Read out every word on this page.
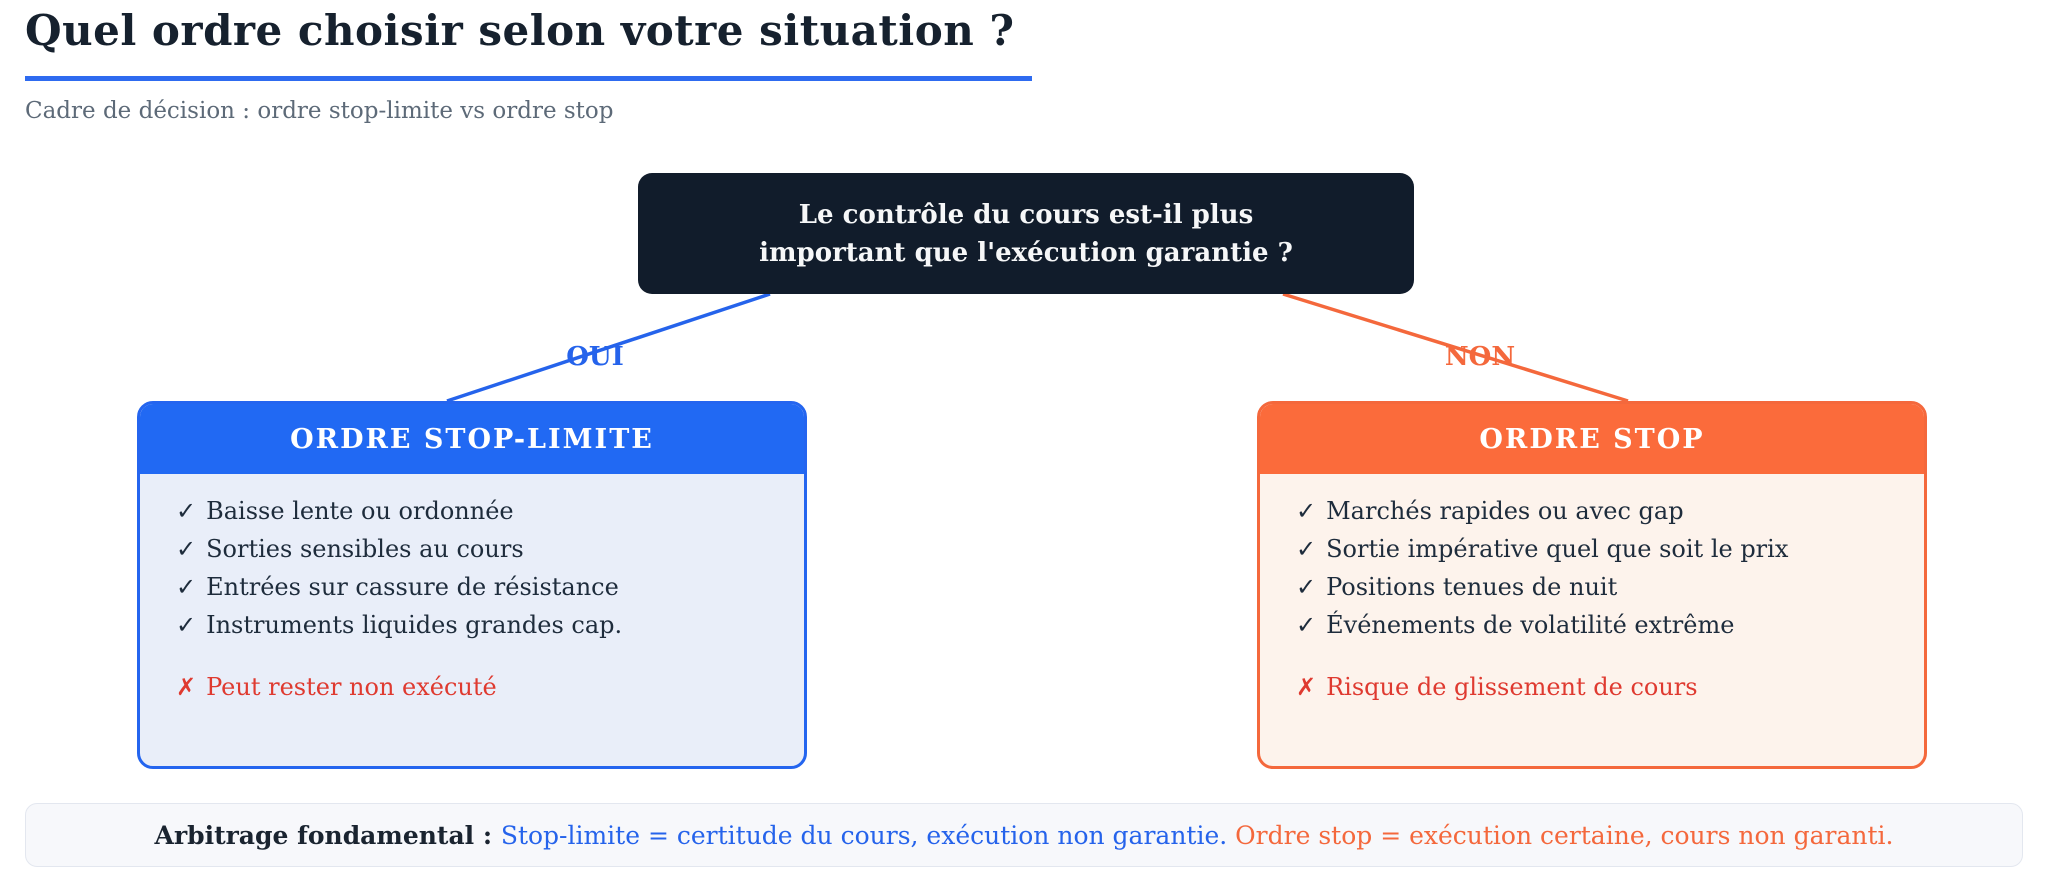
Quel ordre choisir selon votre situation ?

Cadre de décision : ordre stop-limite vs ordre stop

Le contrôle du cours est-il plus important que l'exécution garantie ?
OUI	NON
ORDRE STOP-LIMITE
✓ Baisse lente ou ordonnée
✓ Sorties sensibles au cours
✓ Entrées sur cassure de résistance
✓ Instruments liquides grandes cap.
✗ Peut rester non exécuté
ORDRE STOP
✓ Marchés rapides ou avec gap
✓ Sortie impérative quel que soit le prix
✓ Positions tenues de nuit
✓ Événements de volatilité extrême
✗ Risque de glissement de cours
Arbitrage fondamental : Stop-limite = certitude du cours, exécution non garantie.
Ordre stop = exécution certaine, cours non garanti.
